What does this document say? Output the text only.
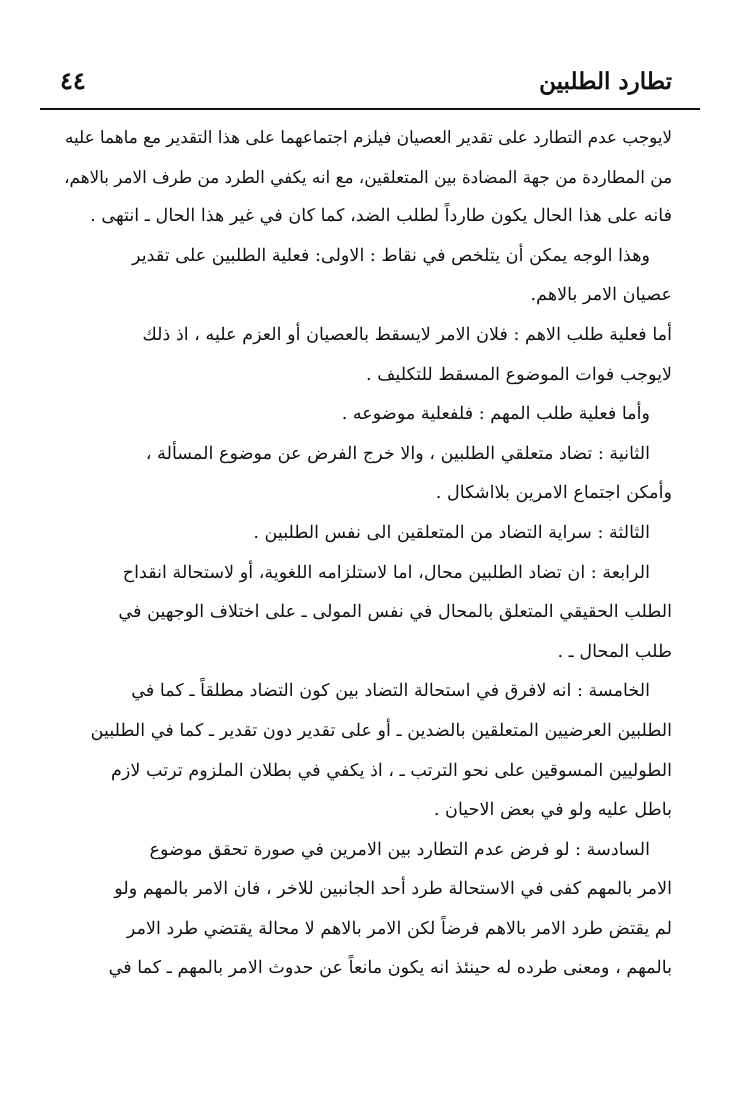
تطارد الطلبين
٤٤
لايوجب عدم التطارد على تقدير العصيان فيلزم اجتماعهما على هذا التقدير مع ماهما عليه
من المطاردة من جهة المضادة بين المتعلقين، مع انه يكفي الطرد من طرف الامر بالاهم،
فانه على هذا الحال يكون طارداً لطلب الضد، كما كان في غير هذا الحال ـ انتهى .
وهذا الوجه يمكن أن يتلخص في نقاط : الاولى: فعلية الطلبين على تقدير
عصيان الامر بالاهم.
أما فعلية طلب الاهم : فلان الامر لايسقط بالعصيان أو العزم عليه ، اذ ذلك
لايوجب فوات الموضوع المسقط للتكليف .
وأما فعلية طلب المهم : فلفعلية موضوعه .
الثانية : تضاد متعلقي الطلبين ، والا خرج الفرض عن موضوع المسألة ،
وأمكن اجتماع الامرين بلااشكال .
الثالثة : سراية التضاد من المتعلقين الى نفس الطلبين .
الرابعة : ان تضاد الطلبين محال، اما لاستلزامه اللغوية، أو لاستحالة انقداح
الطلب الحقيقي المتعلق بالمحال في نفس المولى ـ على اختلاف الوجهين في
طلب المحال ـ .
الخامسة : انه لافرق في استحالة التضاد بين كون التضاد مطلقاً ـ كما في
الطلبين العرضيين المتعلقين بالضدين ـ أو على تقدير دون تقدير ـ كما في الطلبين
الطوليين المسوقين على نحو الترتب ـ ، اذ يكفي في بطلان الملزوم ترتب لازم
باطل عليه ولو في بعض الاحيان .
السادسة : لو فرض عدم التطارد بين الامرين في صورة تحقق موضوع
الامر بالمهم كفى في الاستحالة طرد أحد الجانبين للاخر ، فان الامر بالمهم ولو
لم يقتض طرد الامر بالاهم فرضاً لكن الامر بالاهم لا محالة يقتضي طرد الامر
بالمهم ، ومعنى طرده له حينئذ انه يكون مانعاً عن حدوث الامر بالمهم ـ كما في
